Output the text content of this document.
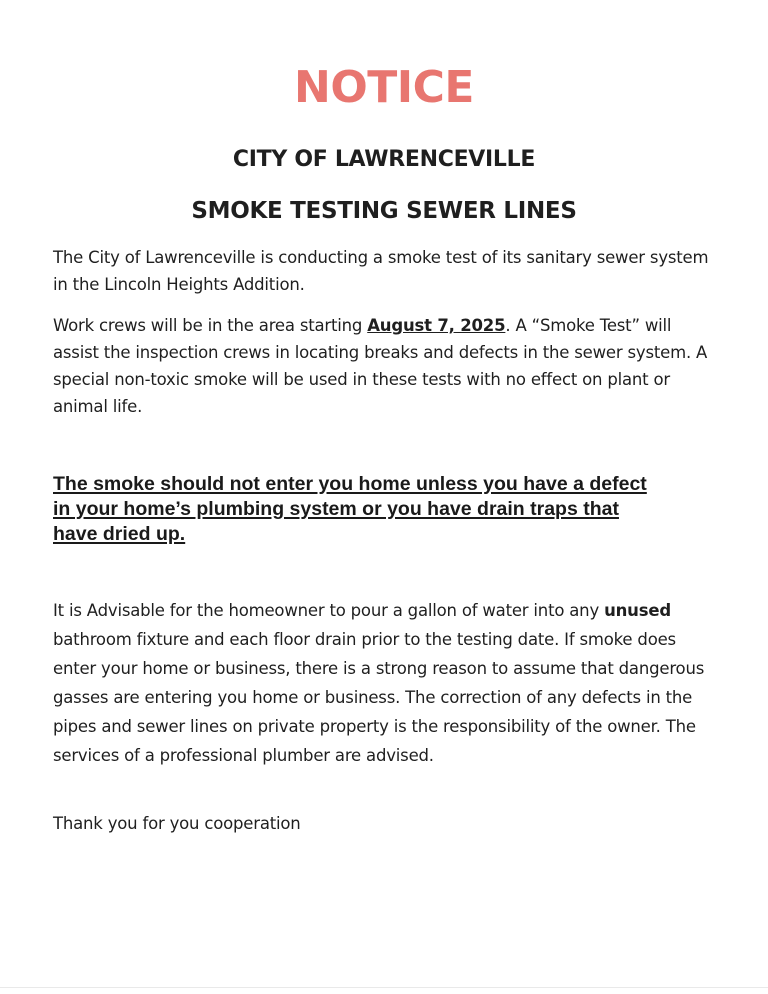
NOTICE
CITY OF LAWRENCEVILLE
SMOKE TESTING SEWER LINES

The City of Lawrenceville is conducting a smoke test of its sanitary sewer system in the Lincoln Heights Addition.

Work crews will be in the area starting August 7, 2025. A “Smoke Test” will assist the inspection crews in locating breaks and defects in the sewer system. A special non-toxic smoke will be used in these tests with no effect on plant or animal life.

The smoke should not enter you home unless you have a defect in your home’s plumbing system or you have drain traps that have dried up.

It is Advisable for the homeowner to pour a gallon of water into any unused bathroom fixture and each floor drain prior to the testing date. If smoke does enter your home or business, there is a strong reason to assume that dangerous gasses are entering you home or business. The correction of any defects in the pipes and sewer lines on private property is the responsibility of the owner. The services of a professional plumber are advised.

Thank you for you cooperation
